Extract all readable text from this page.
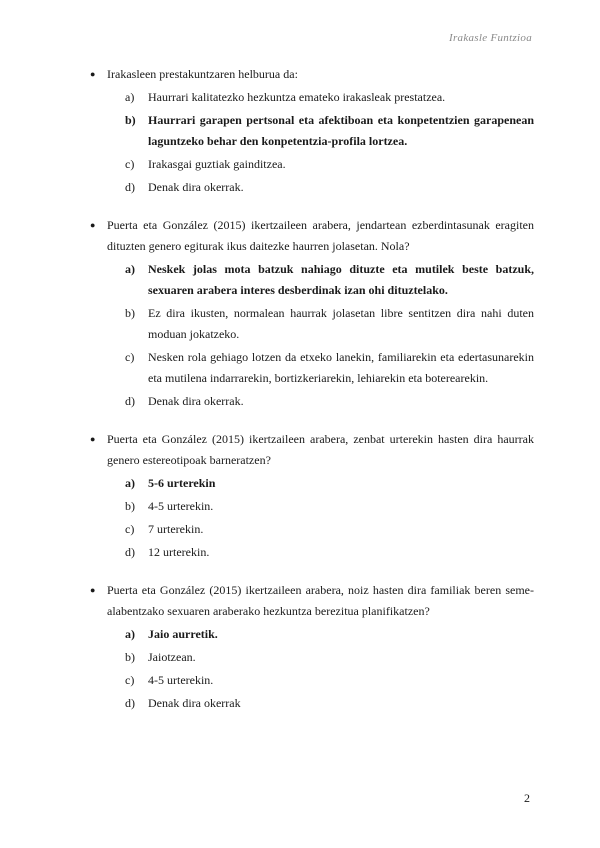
Irakasle Funtzioa
● Irakasleen prestakuntzaren helburua da:
a)	Haurrari kalitatezko hezkuntza emateko irakasleak prestatzea.
b)	Haurrari garapen pertsonal eta afektiboan eta konpetentzien garapenean laguntzeko behar den konpetentzia-profila lortzea.
c)	Irakasgai guztiak gainditzea.
d)	Denak dira okerrak.
● Puerta eta González (2015) ikertzaileen arabera, jendartean ezberdintasunak eragiten dituzten genero egiturak ikus daitezke haurren jolasetan. Nola?
a)	Neskek jolas mota batzuk nahiago dituzte eta mutilek beste batzuk, sexuaren arabera interes desberdinak izan ohi dituztelako.
b)	Ez dira ikusten, normalean haurrak jolasetan libre sentitzen dira nahi duten moduan jokatzeko.
c)	Nesken rola gehiago lotzen da etxeko lanekin, familiarekin eta edertasunarekin eta mutilena indarrarekin, bortizkeriarekin, lehiarekin eta boterearekin.
d)	Denak dira okerrak.
● Puerta eta González (2015) ikertzaileen arabera, zenbat urterekin hasten dira haurrak genero estereotipoak barneratzen?
a)	5-6 urterekin
b)	4-5 urterekin.
c)	7 urterekin.
d)	12 urterekin.
● Puerta eta González (2015) ikertzaileen arabera, noiz hasten dira familiak beren seme-alabentzako sexuaren araberako hezkuntza berezitua planifikatzen?
a)	Jaio aurretik.
b)	Jaiotzean.
c)	4-5 urterekin.
d)	Denak dira okerrak
2
